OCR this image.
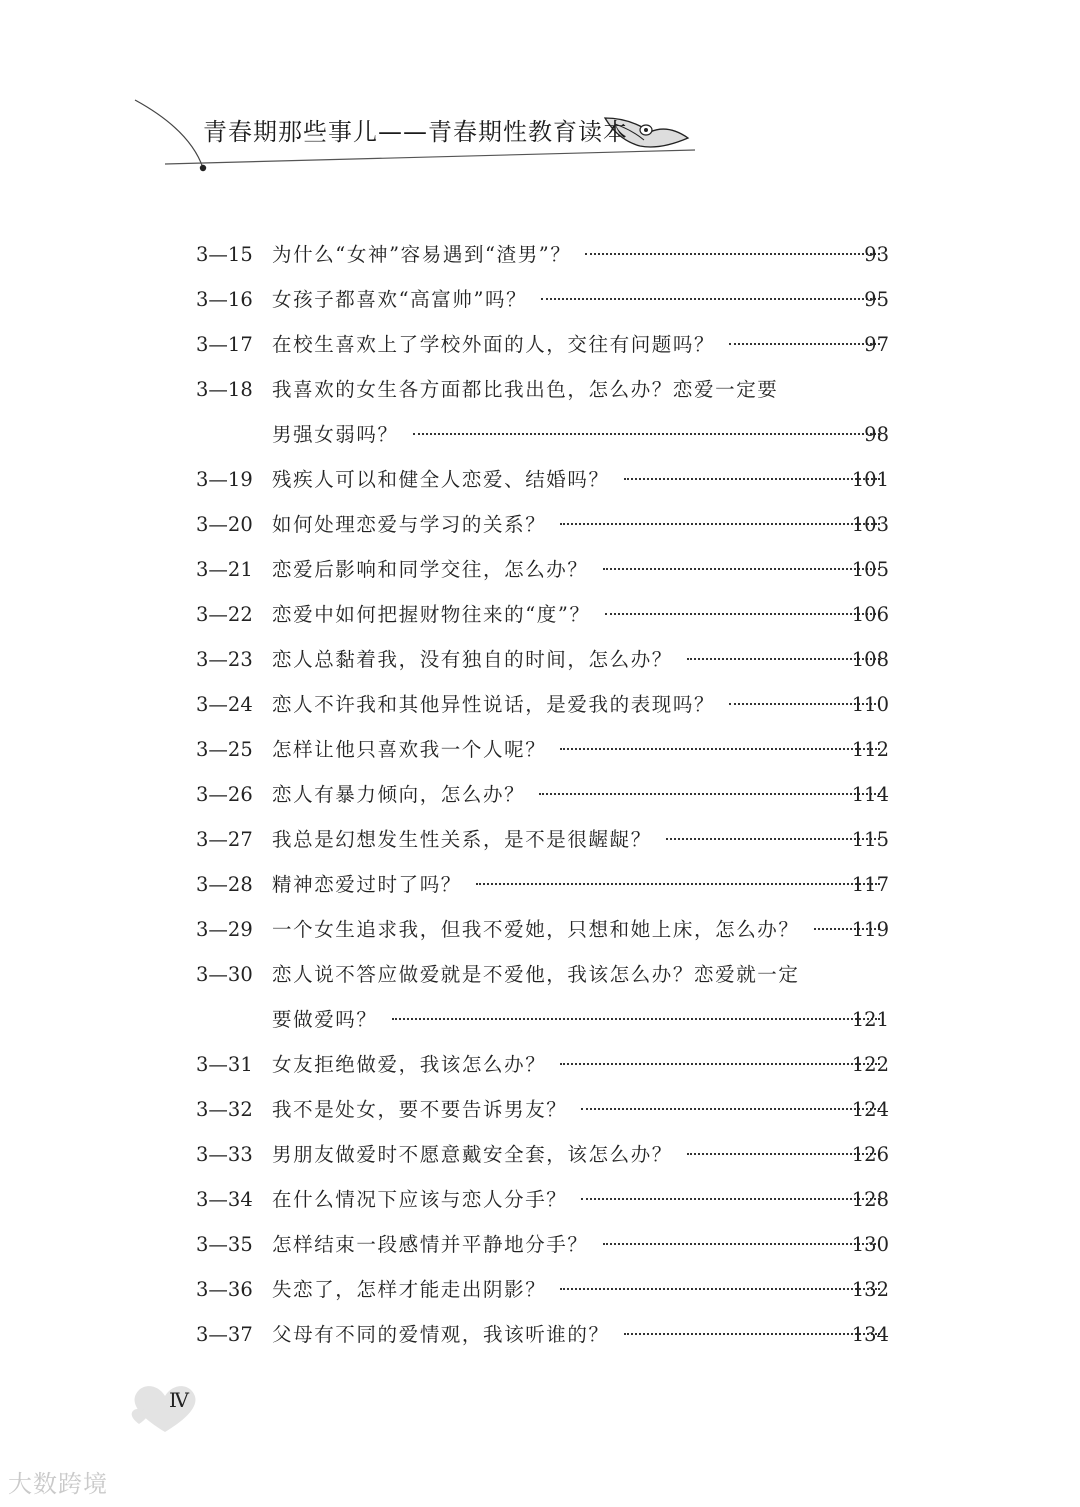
青春期那些事儿——青春期性教育读本
3—15 为什么“女神”容易遇到“渣男”？	93
3—16 女孩子都喜欢“高富帅”吗？	95
3—17 在校生喜欢上了学校外面的人，交往有问题吗？	97
3—18 我喜欢的女生各方面都比我出色，怎么办？恋爱一定要
男强女弱吗？	98
3—19 残疾人可以和健全人恋爱、结婚吗？	101
3—20 如何处理恋爱与学习的关系？	103
3—21 恋爱后影响和同学交往，怎么办？	105
3—22 恋爱中如何把握财物往来的“度”？	106
3—23 恋人总黏着我，没有独自的时间，怎么办？	108
3—24 恋人不许我和其他异性说话，是爱我的表现吗？	110
3—25 怎样让他只喜欢我一个人呢？	112
3—26 恋人有暴力倾向，怎么办？	114
3—27 我总是幻想发生性关系，是不是很龌龊？	115
3—28 精神恋爱过时了吗？	117
3—29 一个女生追求我，但我不爱她，只想和她上床，怎么办？	119
3—30 恋人说不答应做爱就是不爱他，我该怎么办？恋爱就一定
要做爱吗？	121
3—31 女友拒绝做爱，我该怎么办？	122
3—32 我不是处女，要不要告诉男友？	124
3—33 男朋友做爱时不愿意戴安全套，该怎么办？	126
3—34 在什么情况下应该与恋人分手？	128
3—35 怎样结束一段感情并平静地分手？	130
3—36 失恋了，怎样才能走出阴影？	132
3—37 父母有不同的爱情观，我该听谁的？	134
Ⅳ
大数跨境
